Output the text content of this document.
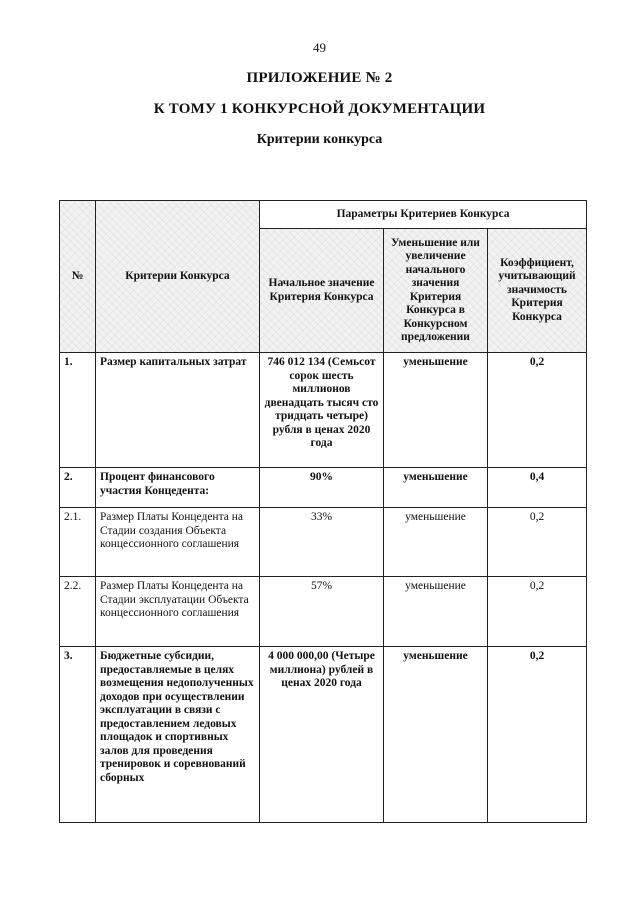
49
ПРИЛОЖЕНИЕ № 2
К ТОМУ 1 КОНКУРСНОЙ ДОКУМЕНТАЦИИ
Критерии конкурса
№	Критерии Конкурса	Параметры Критериев Конкурса		
		Начальное значение Критерия Конкурса	Уменьшение или увеличение начального значения Критерия Конкурса в Конкурсном предложении	Коэффициент, учитывающий значимость Критерия Конкурса
1.	Размер капитальных затрат	746 012 134 (Семьсот сорок шесть миллионов двенадцать тысяч сто тридцать четыре) рубля в ценах 2020 года	уменьшение	0,2
2.	Процент финансового участия Концедента:	90%	уменьшение	0,4
2.1.	Размер Платы Концедента на Стадии создания Объекта концессионного соглашения	33%	уменьшение	0,2
2.2.	Размер Платы Концедента на Стадии эксплуатации Объекта концессионного соглашения	57%	уменьшение	0,2
3.	Бюджетные субсидии, предоставляемые в целях возмещения недополученных доходов при осуществлении эксплуатации в связи с предоставлением ледовых площадок и спортивных залов для проведения тренировок и соревнований сборных	4 000 000,00 (Четыре миллиона) рублей в ценах 2020 года	уменьшение	0,2
